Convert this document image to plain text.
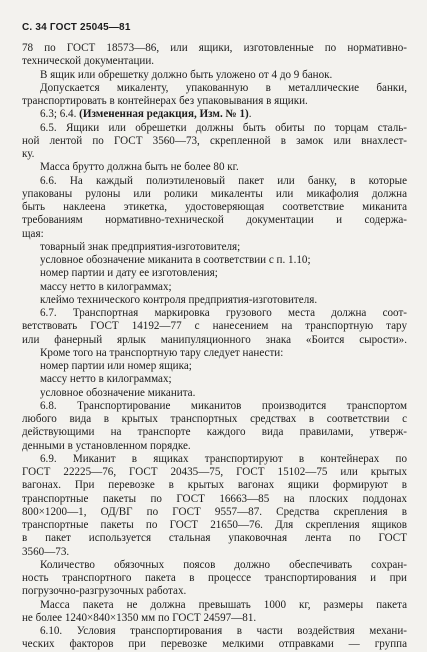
С. 34 ГОСТ 25045—81
78 по ГОСТ 18573—86, или ящики, изготовленные по нормативно-
технической документации.
В ящик или обрешетку должно быть уложено от 4 до 9 банок.
Допускается микаленту, упакованную в металлические банки,
транспортировать в контейнерах без упаковывания в ящики.
6.3; 6.4. (Измененная редакция, Изм. № 1).
6.5. Ящики или обрешетки должны быть обиты по торцам сталь-
ной лентой по ГОСТ 3560—73, скрепленной в замок или внахлест-
ку.
Масса брутто должна быть не более 80 кг.
6.6. На каждый полиэтиленовый пакет или банку, в которые
упакованы рулоны или ролики микаленты или микафолия должна
быть наклеена этикетка, удостоверяющая соответствие миканита
требованиям нормативно-технической документации и содержа-
щая:
товарный знак предприятия-изготовителя;
условное обозначение миканита в соответствии с п. 1.10;
номер партии и дату ее изготовления;
массу нетто в килограммах;
клеймо технического контроля предприятия-изготовителя.
6.7. Транспортная маркировка грузового места должна соот-
ветствовать ГОСТ 14192—77 с нанесением на транспортную тару
или фанерный ярлык манипуляционного знака «Боится сырости».
Кроме того на транспортную тару следует нанести:
номер партии или номер ящика;
массу нетто в килограммах;
условное обозначение миканита.
6.8. Транспортирование миканитов производится транспортом
любого вида в крытых транспортных средствах в соответствии с
действующими на транспорте каждого вида правилами, утверж-
денными в установленном порядке.
6.9. Миканит в ящиках транспортируют в контейнерах по
ГОСТ 22225—76, ГОСТ 20435—75, ГОСТ 15102—75 или крытых
вагонах. При перевозке в крытых вагонах ящики формируют в
транспортные пакеты по ГОСТ 16663—85 на плоских поддонах
800×1200—1, ОД/ВГ по ГОСТ 9557—87. Средства скрепления в
транспортные пакеты по ГОСТ 21650—76. Для скрепления ящиков
в пакет используется стальная упаковочная лента по ГОСТ
3560—73.
Количество обязочных поясов должно обеспечивать сохран-
ность транспортного пакета в процессе транспортирования и при
погрузочно-разгрузочных работах.
Масса пакета не должна превышать 1000 кг, размеры пакета
не более 1240×840×1350 мм по ГОСТ 24597—81.
6.10. Условия транспортирования в части воздействия механи-
ческих факторов при перевозке мелкими отправками — группа
